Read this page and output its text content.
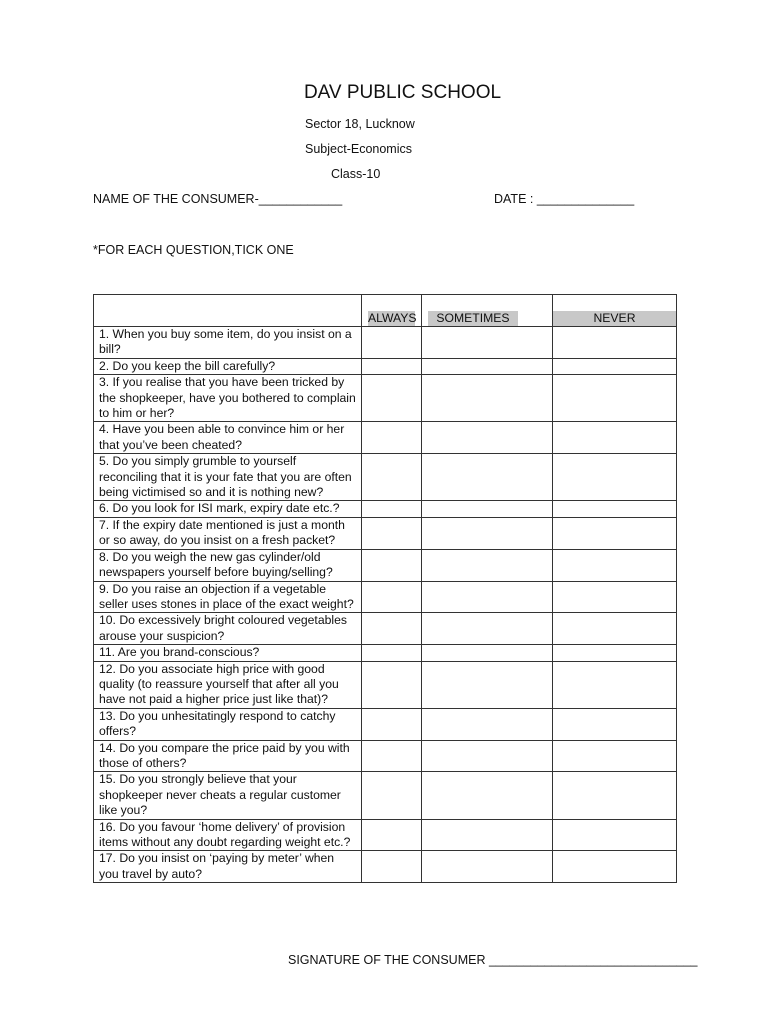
DAV PUBLIC SCHOOL
Sector 18, Lucknow
Subject-Economics
Class-10
NAME OF THE CONSUMER-____________	DATE : ______________
*FOR EACH QUESTION,TICK ONE

	ALWAYS	SOMETIMES	NEVER

1. When you buy some item, do you insist on a bill?			
2. Do you keep the bill carefully?			
3. If you realise that you have been tricked by the shopkeeper, have you bothered to complain to him or her?			
4. Have you been able to convince him or her that you’ve been cheated?			
5. Do you simply grumble to yourself reconciling that it is your fate that you are often being victimised so and it is nothing new?			
6. Do you look for ISI mark, expiry date etc.?			
7. If the expiry date mentioned is just a month or so away, do you insist on a fresh packet?			
8. Do you weigh the new gas cylinder/old newspapers yourself before buying/selling?			
9. Do you raise an objection if a vegetable seller uses stones in place of the exact weight?			
10. Do excessively bright coloured vegetables arouse your suspicion?			
11. Are you brand-conscious?			
12. Do you associate high price with good quality (to reassure yourself that after all you have not paid a higher price just like that)?			
13. Do you unhesitatingly respond to catchy offers?			
14. Do you compare the price paid by you with those of others?			
15. Do you strongly believe that your shopkeeper never cheats a regular customer like you?			
16. Do you favour ‘home delivery’ of provision items without any doubt regarding weight etc.?			
17. Do you insist on ‘paying by meter’ when you travel by auto?			
SIGNATURE OF THE CONSUMER ______________________________
